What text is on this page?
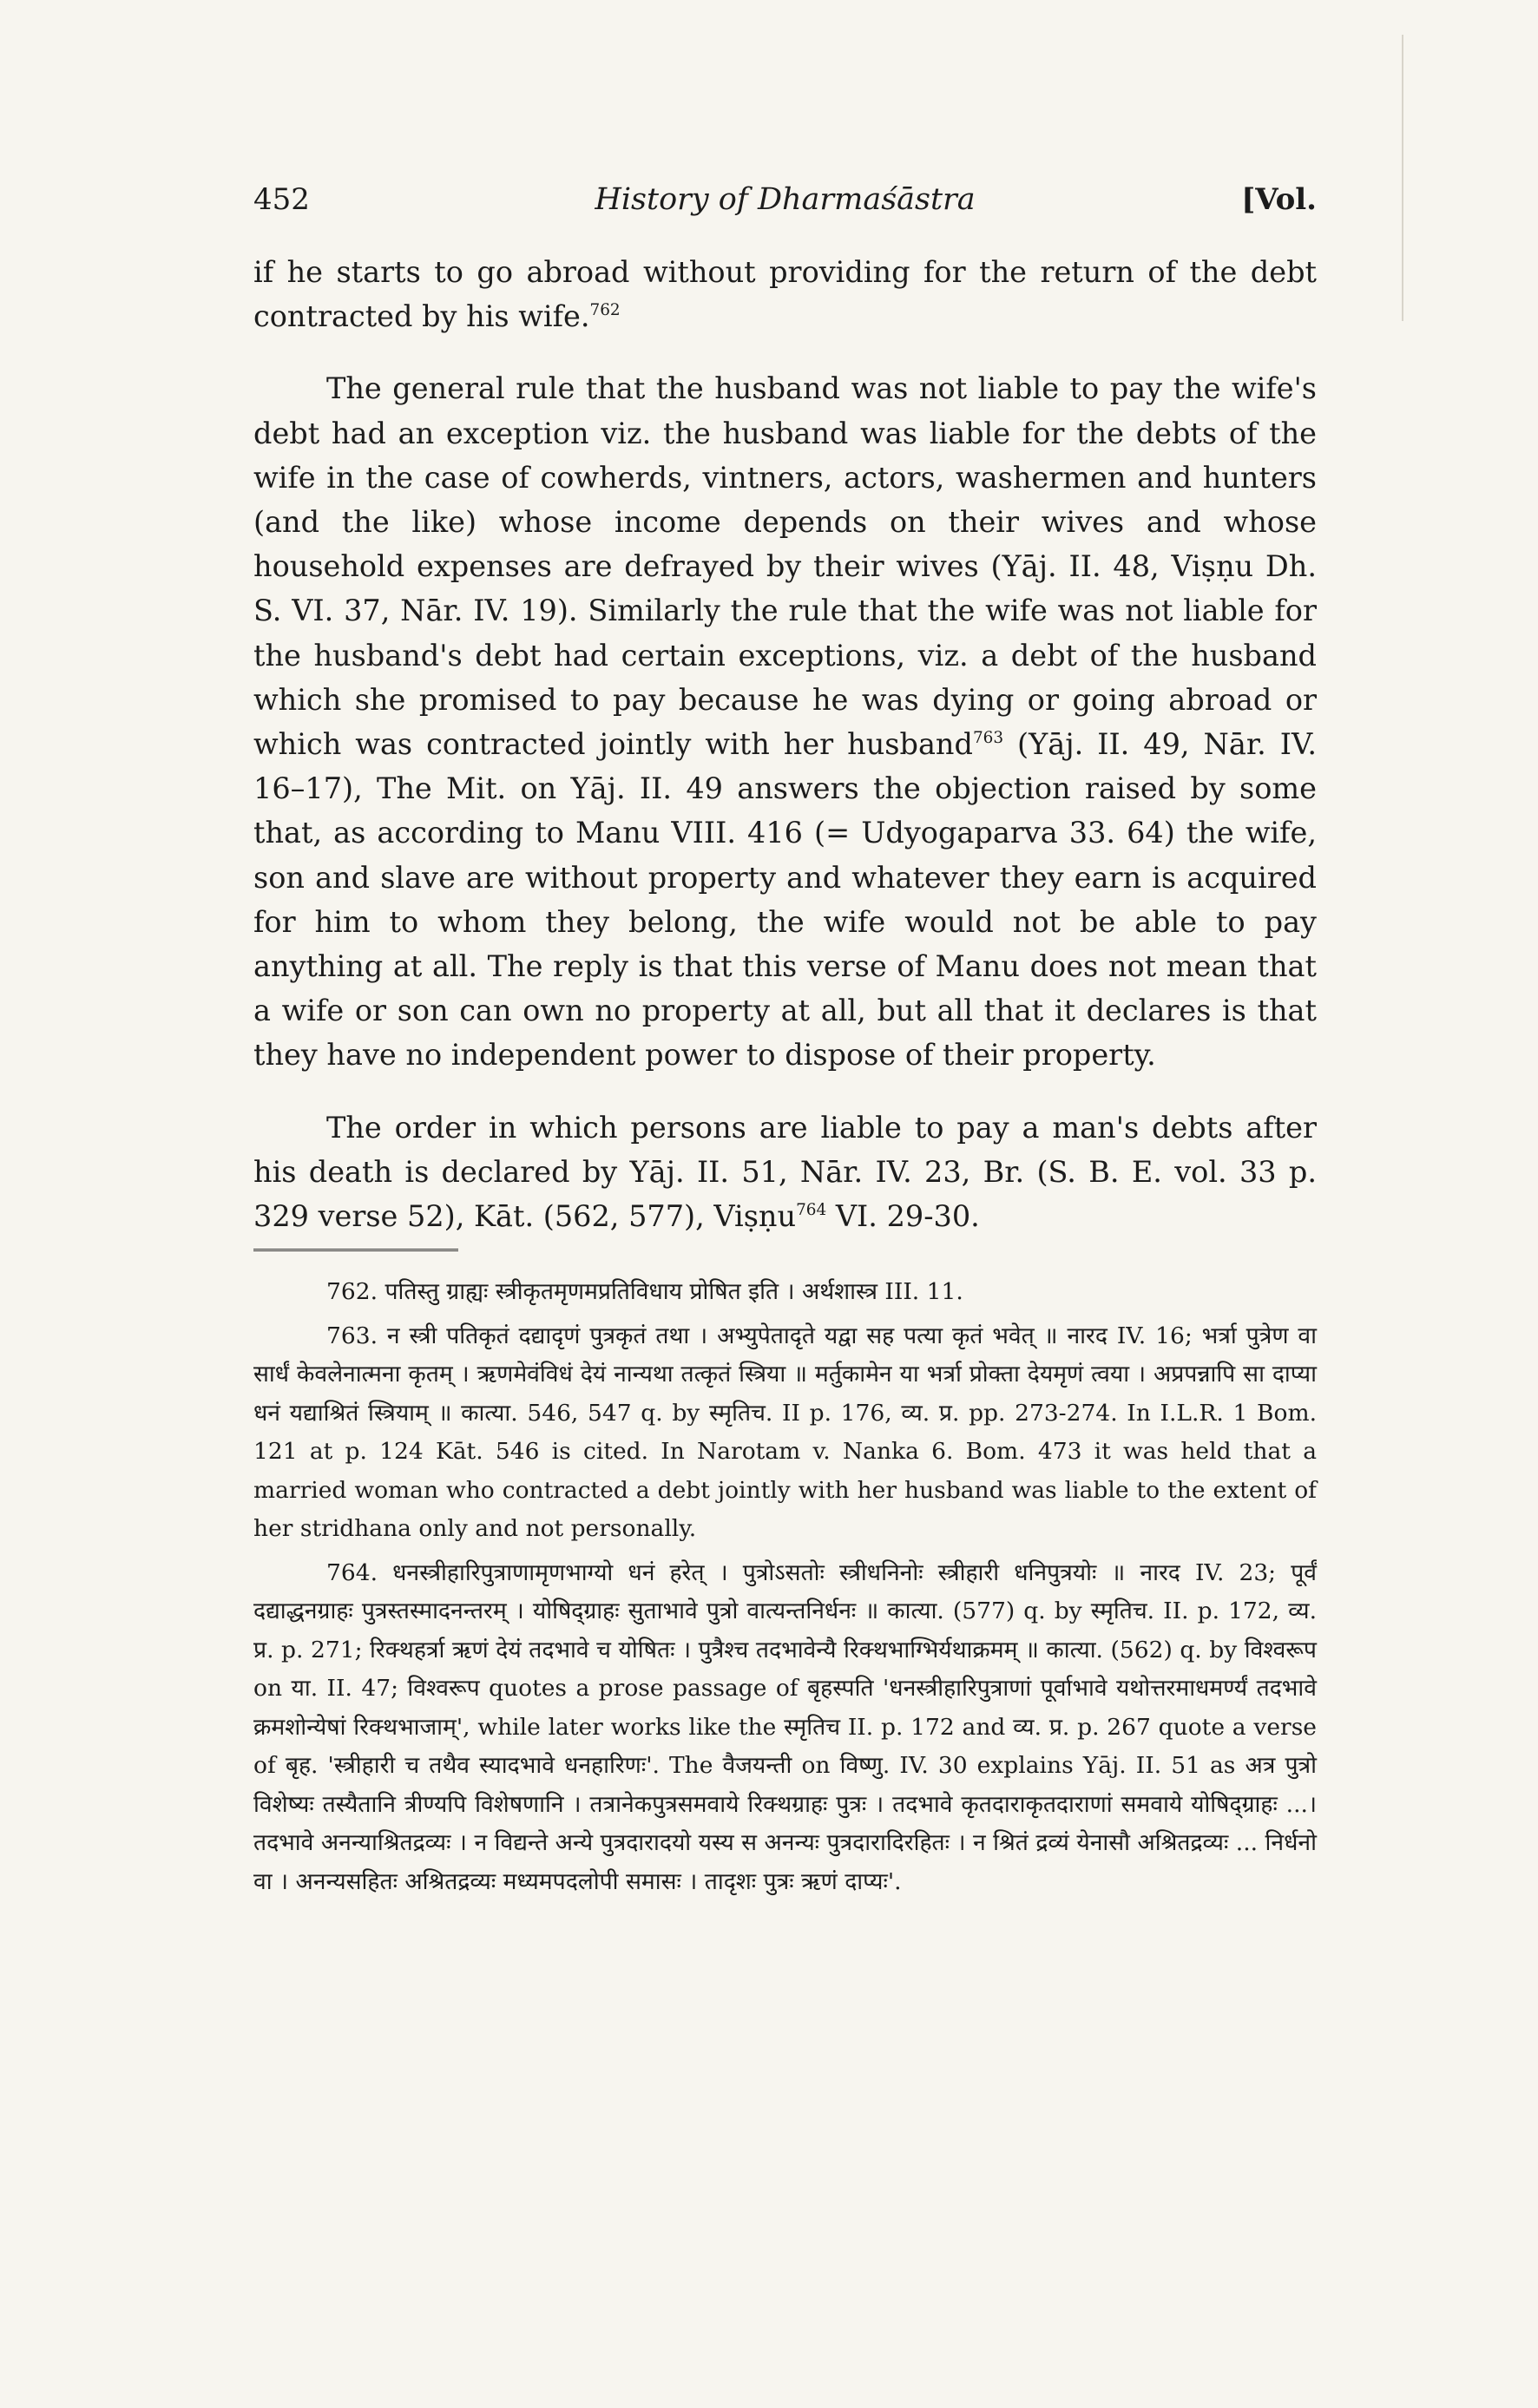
452	History of Dharmaśāstra	[Vol.

if he starts to go abroad without providing for the return of the debt contracted by his wife.$^{762}$

The general rule that the husband was not liable to pay the wife's debt had an exception viz. the husband was liable for the debts of the wife in the case of cowherds, vintners, actors, washermen and hunters (and the like) whose income depends on their wives and whose household expenses are defrayed by their wives (Yāj. II. 48, Viṣṇu Dh. S. VI. 37, Nār. IV. 19). Similarly the rule that the wife was not liable for the husband's debt had certain exceptions, viz. a debt of the husband which she promised to pay because he was dying or going abroad or which was contracted jointly with her husband$^{763}$ (Yāj. II. 49, Nār. IV. 16–17), The Mit. on Yāj. II. 49 answers the objection raised by some that, as according to Manu VIII. 416 (= Udyogaparva 33. 64) the wife, son and slave are without property and whatever they earn is acquired for him to whom they belong, the wife would not be able to pay anything at all. The reply is that this verse of Manu does not mean that a wife or son can own no property at all, but all that it declares is that they have no independent power to dispose of their property.

The order in which persons are liable to pay a man's debts after his death is declared by Yāj. II. 51, Nār. IV. 23, Br. (S. B. E. vol. 33 p. 329 verse 52), Kāt. (562, 577), Viṣṇu$^{764}$ VI. 29-30.

762. पतिस्तु ग्राह्यः स्त्रीकृतमृणमप्रतिविधाय प्रोषित इति । अर्थशास्त्र III. 11.

763. न स्त्री पतिकृतं दद्यादृणं पुत्रकृतं तथा । अभ्युपेतादृते यद्वा सह पत्या कृतं भवेत् ॥ नारद IV. 16; भर्त्रा पुत्रेण वा सार्धं केवलेनात्मना कृतम् । ऋणमेवंविधं देयं नान्यथा तत्कृतं स्त्रिया ॥ मर्तुकामेन या भर्त्रा प्रोक्ता देयमृणं त्वया । अप्रपन्नापि सा दाप्या धनं यद्याश्रितं स्त्रियाम् ॥ कात्या. 546, 547 q. by स्मृतिच. II p. 176, व्य. प्र. pp. 273-274. In I.L.R. 1 Bom. 121 at p. 124 Kāt. 546 is cited. In Narotam v. Nanka 6. Bom. 473 it was held that a married woman who contracted a debt jointly with her husband was liable to the extent of her stridhana only and not personally.

764. धनस्त्रीहारिपुत्राणामृणभाग्यो धनं हरेत् । पुत्रोऽसतोः स्त्रीधनिनोः स्त्रीहारी धनिपुत्रयोः ॥ नारद IV. 23; पूर्वं दद्याद्धनग्राहः पुत्रस्तस्मादनन्तरम् । योषिद्ग्राहः सुताभावे पुत्रो वात्यन्तनिर्धनः ॥ कात्या. (577) q. by स्मृतिच. II. p. 172, व्य. प्र. p. 271; रिक्थहर्त्रा ऋणं देयं तदभावे च योषितः । पुत्रैश्च तदभावेन्यै रिक्थभाग्भिर्यथाक्रमम् ॥ कात्या. (562) q. by विश्वरूप on या. II. 47; विश्वरूप quotes a prose passage of बृहस्पति 'धनस्त्रीहारिपुत्राणां पूर्वाभावे यथोत्तरमाधमर्ण्यं तदभावे क्रमशोन्येषां रिक्थभाजाम्', while later works like the स्मृतिच II. p. 172 and व्य. प्र. p. 267 quote a verse of बृह. 'स्त्रीहारी च तथैव स्यादभावे धनहारिणः'. The वैजयन्ती on विष्णु. IV. 30 explains Yāj. II. 51 as अत्र पुत्रो विशेष्यः तस्यैतानि त्रीण्यपि विशेषणानि । तत्रानेकपुत्रसमवाये रिक्थग्राहः पुत्रः । तदभावे कृतदाराकृतदाराणां समवाये योषिद्ग्राहः ...। तदभावे अनन्याश्रितद्रव्यः । न विद्यन्ते अन्ये पुत्रदारादयो यस्य स अनन्यः पुत्रदारादिरहितः । न श्रितं द्रव्यं येनासौ अश्रितद्रव्यः ... निर्धनो वा । अनन्यसहितः अश्रितद्रव्यः मध्यमपदलोपी समासः । तादृशः पुत्रः ऋणं दाप्यः'.
